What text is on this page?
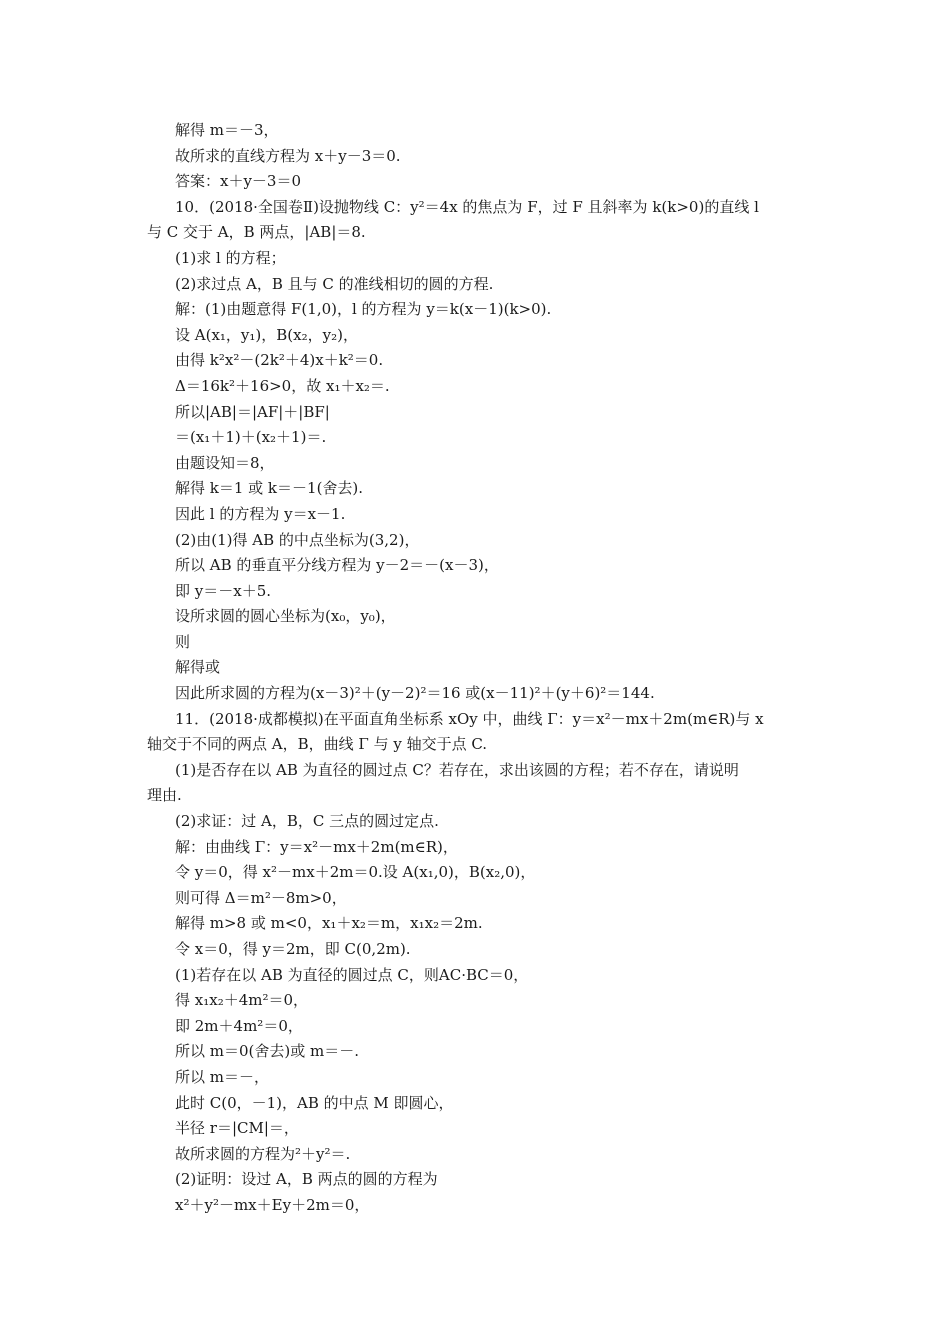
解得 m＝－3，
故所求的直线方程为 x＋y－3＝0.
答案：x＋y－3＝0
10．(2018·全国卷Ⅱ)设抛物线 C：y²＝4x 的焦点为 F，过 F 且斜率为 k(k>0)的直线 l
与 C 交于 A，B 两点，|AB|＝8.
(1)求 l 的方程；
(2)求过点 A，B 且与 C 的准线相切的圆的方程.
解：(1)由题意得 F(1,0)，l 的方程为 y＝k(x－1)(k>0).
设 A(x₁，y₁)，B(x₂，y₂)，
由得 k²x²－(2k²＋4)x＋k²＝0.
Δ＝16k²＋16>0，故 x₁＋x₂＝.
所以|AB|＝|AF|＋|BF|
＝(x₁＋1)＋(x₂＋1)＝.
由题设知＝8，
解得 k＝1 或 k＝－1(舍去).
因此 l 的方程为 y＝x－1.
(2)由(1)得 AB 的中点坐标为(3,2)，
所以 AB 的垂直平分线方程为 y－2＝－(x－3)，
即 y＝－x＋5.
设所求圆的圆心坐标为(x₀，y₀)，
则
解得或
因此所求圆的方程为(x－3)²＋(y－2)²＝16 或(x－11)²＋(y＋6)²＝144.
11．(2018·成都模拟)在平面直角坐标系 xOy 中，曲线 Γ：y＝x²－mx＋2m(m∈R)与 x
轴交于不同的两点 A，B，曲线 Γ 与 y 轴交于点 C.
(1)是否存在以 AB 为直径的圆过点 C？若存在，求出该圆的方程；若不存在，请说明
理由.
(2)求证：过 A，B，C 三点的圆过定点.
解：由曲线 Γ：y＝x²－mx＋2m(m∈R)，
令 y＝0，得 x²－mx＋2m＝0.设 A(x₁,0)，B(x₂,0)，
则可得 Δ＝m²－8m>0，
解得 m>8 或 m<0，x₁＋x₂＝m，x₁x₂＝2m.
令 x＝0，得 y＝2m，即 C(0,2m).
(1)若存在以 AB 为直径的圆过点 C，则AC·BC＝0，
得 x₁x₂＋4m²＝0，
即 2m＋4m²＝0，
所以 m＝0(舍去)或 m＝－.
所以 m＝－，
此时 C(0，－1)，AB 的中点 M 即圆心，
半径 r＝|CM|＝，
故所求圆的方程为²＋y²＝.
(2)证明：设过 A，B 两点的圆的方程为
x²＋y²－mx＋Ey＋2m＝0，
